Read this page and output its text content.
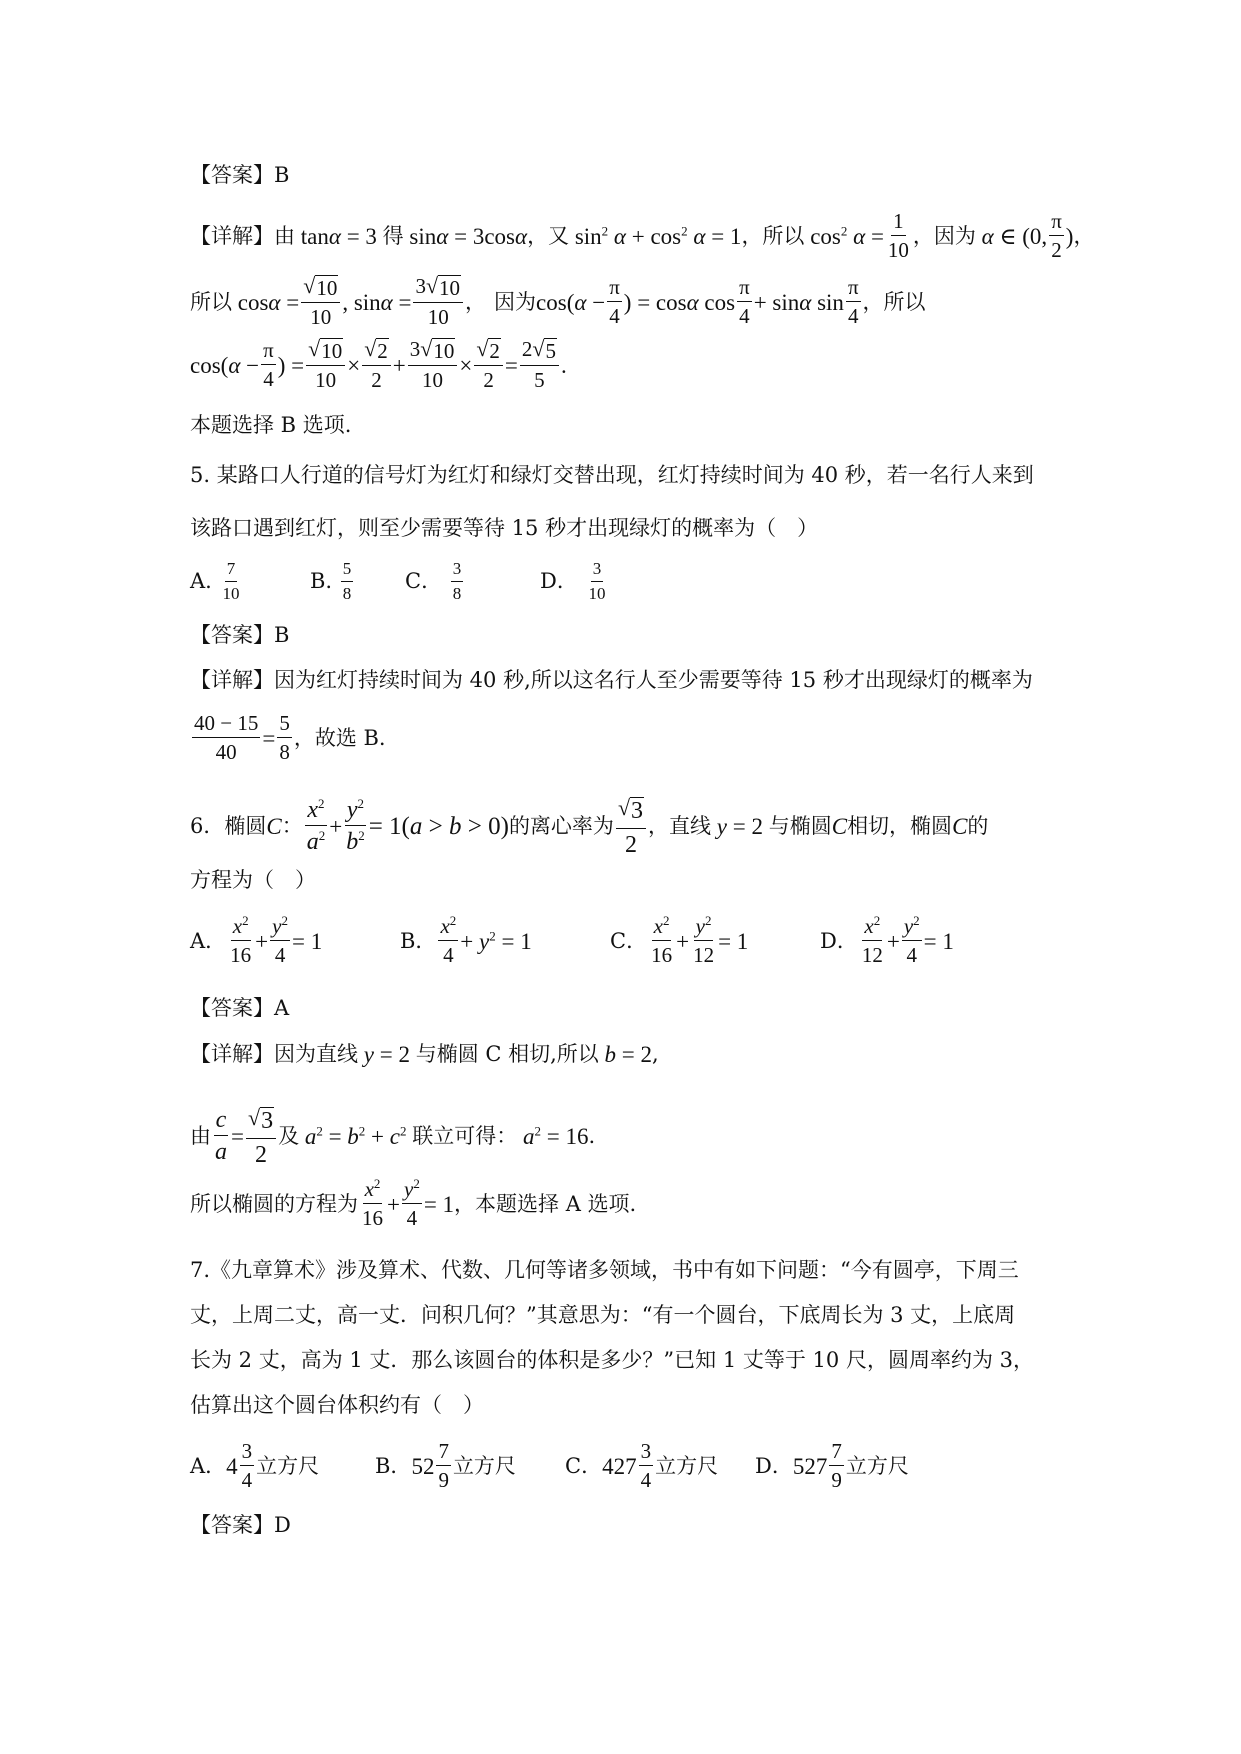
【答案】B
【详解】 由 tanα = 3 得 sinα = 3cosα ，又 $\sin^2 \alpha + \cos^2 \alpha = 1$ ，所以 $\cos^2 \alpha = \frac{1}{10}$ ，因为 α ∈ (0, $\frac{\pi}{2}$ ) ，
所以 $\cos\alpha = \frac{√ 10}{10}$ , $\sin\alpha = \frac{3 √ 10}{10}$ ， 因为 $\cos(\alpha - \frac{\pi}{4}$ ) = cosα $\cos \frac{\pi}{4} + \sin\alpha$ $\sin \frac{\pi}{4}$ ，所以
$\cos(\alpha - \frac{\pi}{4}$ ) = $\frac{√ 10}{10} \times \frac{√ 2}{2} + \frac{3 √ 10}{10} \times \frac{√ 2}{2} = \frac{2 √ 5}{5}$ .
本题选择 B 选项.
5. 某路口人行道的信号灯为红灯和绿灯交替出现，红灯持续时间为 40 秒，若一名行人来到
该路口遇到红灯，则至少需要等待 15 秒才出现绿灯的概率为（　）
A.
$\frac{7}{10}$	B.
$\frac{5}{8}$ C．
$\frac{3}{8}$	D．
$\frac{3}{10}$
【答案】B
【详解】因为红灯持续时间为 40 秒,所以这名行人至少需要等待 15 秒才出现绿灯的概率为
$\frac{40 - 15}{40} = \frac{5}{8}$ ，故选 B.
6．椭圆 C ： $\frac{x^2}{a^2} + \frac{y^2}{b^2} = 1(a > b > 0)$ 的离心率为 $\frac{√ 3}{2}$ ，直线 y = 2 与椭圆 C 相切，椭圆 C 的
方程为（　）
A． $\frac{x^2}{16} + \frac{y^2}{4} = 1$	B． $\frac{x^2}{4} + y^2 = 1$	C． $\frac{x^2}{16} + \frac{y^2}{12} = 1$	D． $\frac{x^2}{12} + \frac{y^2}{4} = 1$
【答案】A
【详解】因为直线 y = 2 与椭圆 C 相切,所以 b = 2 ,
由 $\frac{c}{a} = \frac{√ 3}{2}$ 及 $a^2 = b^2 + c^2$ 联立可得： $a^2 = 16$ .
所以椭圆的方程为 $\frac{x^2}{16} + \frac{y^2}{4} = 1$ ，本题选择 A 选项.
7.《九章算术》涉及算术、代数、几何等诸多领域，书中有如下问题：“今有圆亭，下周三
丈，上周二丈，高一丈．问积几何？”其意思为：“有一个圆台，下底周长为 3 丈，上底周
长为 2 丈，高为 1 丈．那么该圆台的体积是多少？”已知 1 丈等于 10 尺，圆周率约为 3，
估算出这个圆台体积约有（　）
A． $4 \frac{3}{4}$ 立方尺	B． $52 \frac{7}{9}$ 立方尺 C． $427 \frac{3}{4}$ 立方尺 D． $527 \frac{7}{9}$ 立方尺
【答案】D
